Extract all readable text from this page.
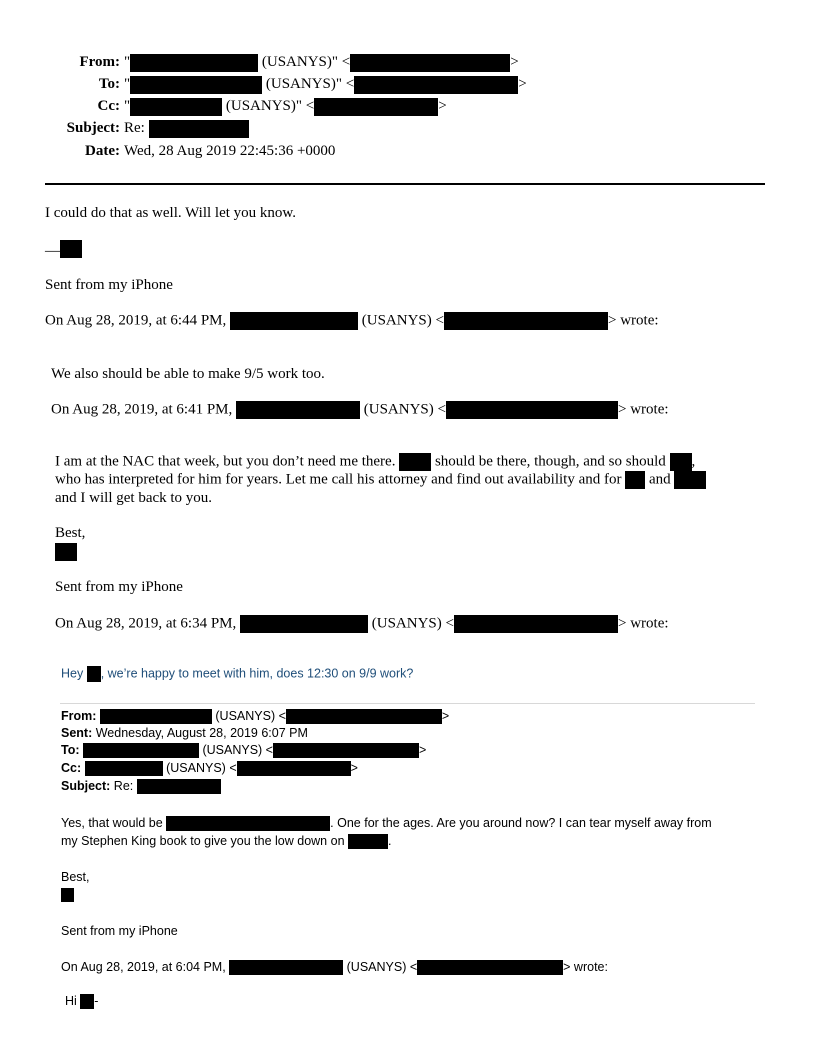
From: "	(USANYS)" <	>
To: "	(USANYS)" <	>
Cc: "	(USANYS)" <	>
Subject: Re:
Date: Wed, 28 Aug 2019 22:45:36 +0000
I could do that as well. Will let you know.
—
Sent from my iPhone
On Aug 28, 2019, at 6:44 PM,	(USANYS) <	> wrote:
We also should be able to make 9/5 work too.
On Aug 28, 2019, at 6:41 PM,	(USANYS) <	> wrote:
I am at the NAC that week, but you don’t need me there.  should be there, though, and so should ,
who has interpreted for him for years. Let me call his attorney and find out availability and for  and
and I will get back to you.
Best,
Sent from my iPhone
On Aug 28, 2019, at 6:34 PM,	(USANYS) <	> wrote:
Hey , we’re happy to meet with him, does 12:30 on 9/9 work?
From:	(USANYS) <	>
Sent: Wednesday, August 28, 2019 6:07 PM
To:	(USANYS) <	>
Cc:	(USANYS) <	>
Subject: Re:
Yes, that would be	. One for the ages. Are you around now? I can tear myself away from
my Stephen King book to give you the low down on	.
Best,
Sent from my iPhone
On Aug 28, 2019, at 6:04 PM,	(USANYS) <	> wrote:
Hi -
